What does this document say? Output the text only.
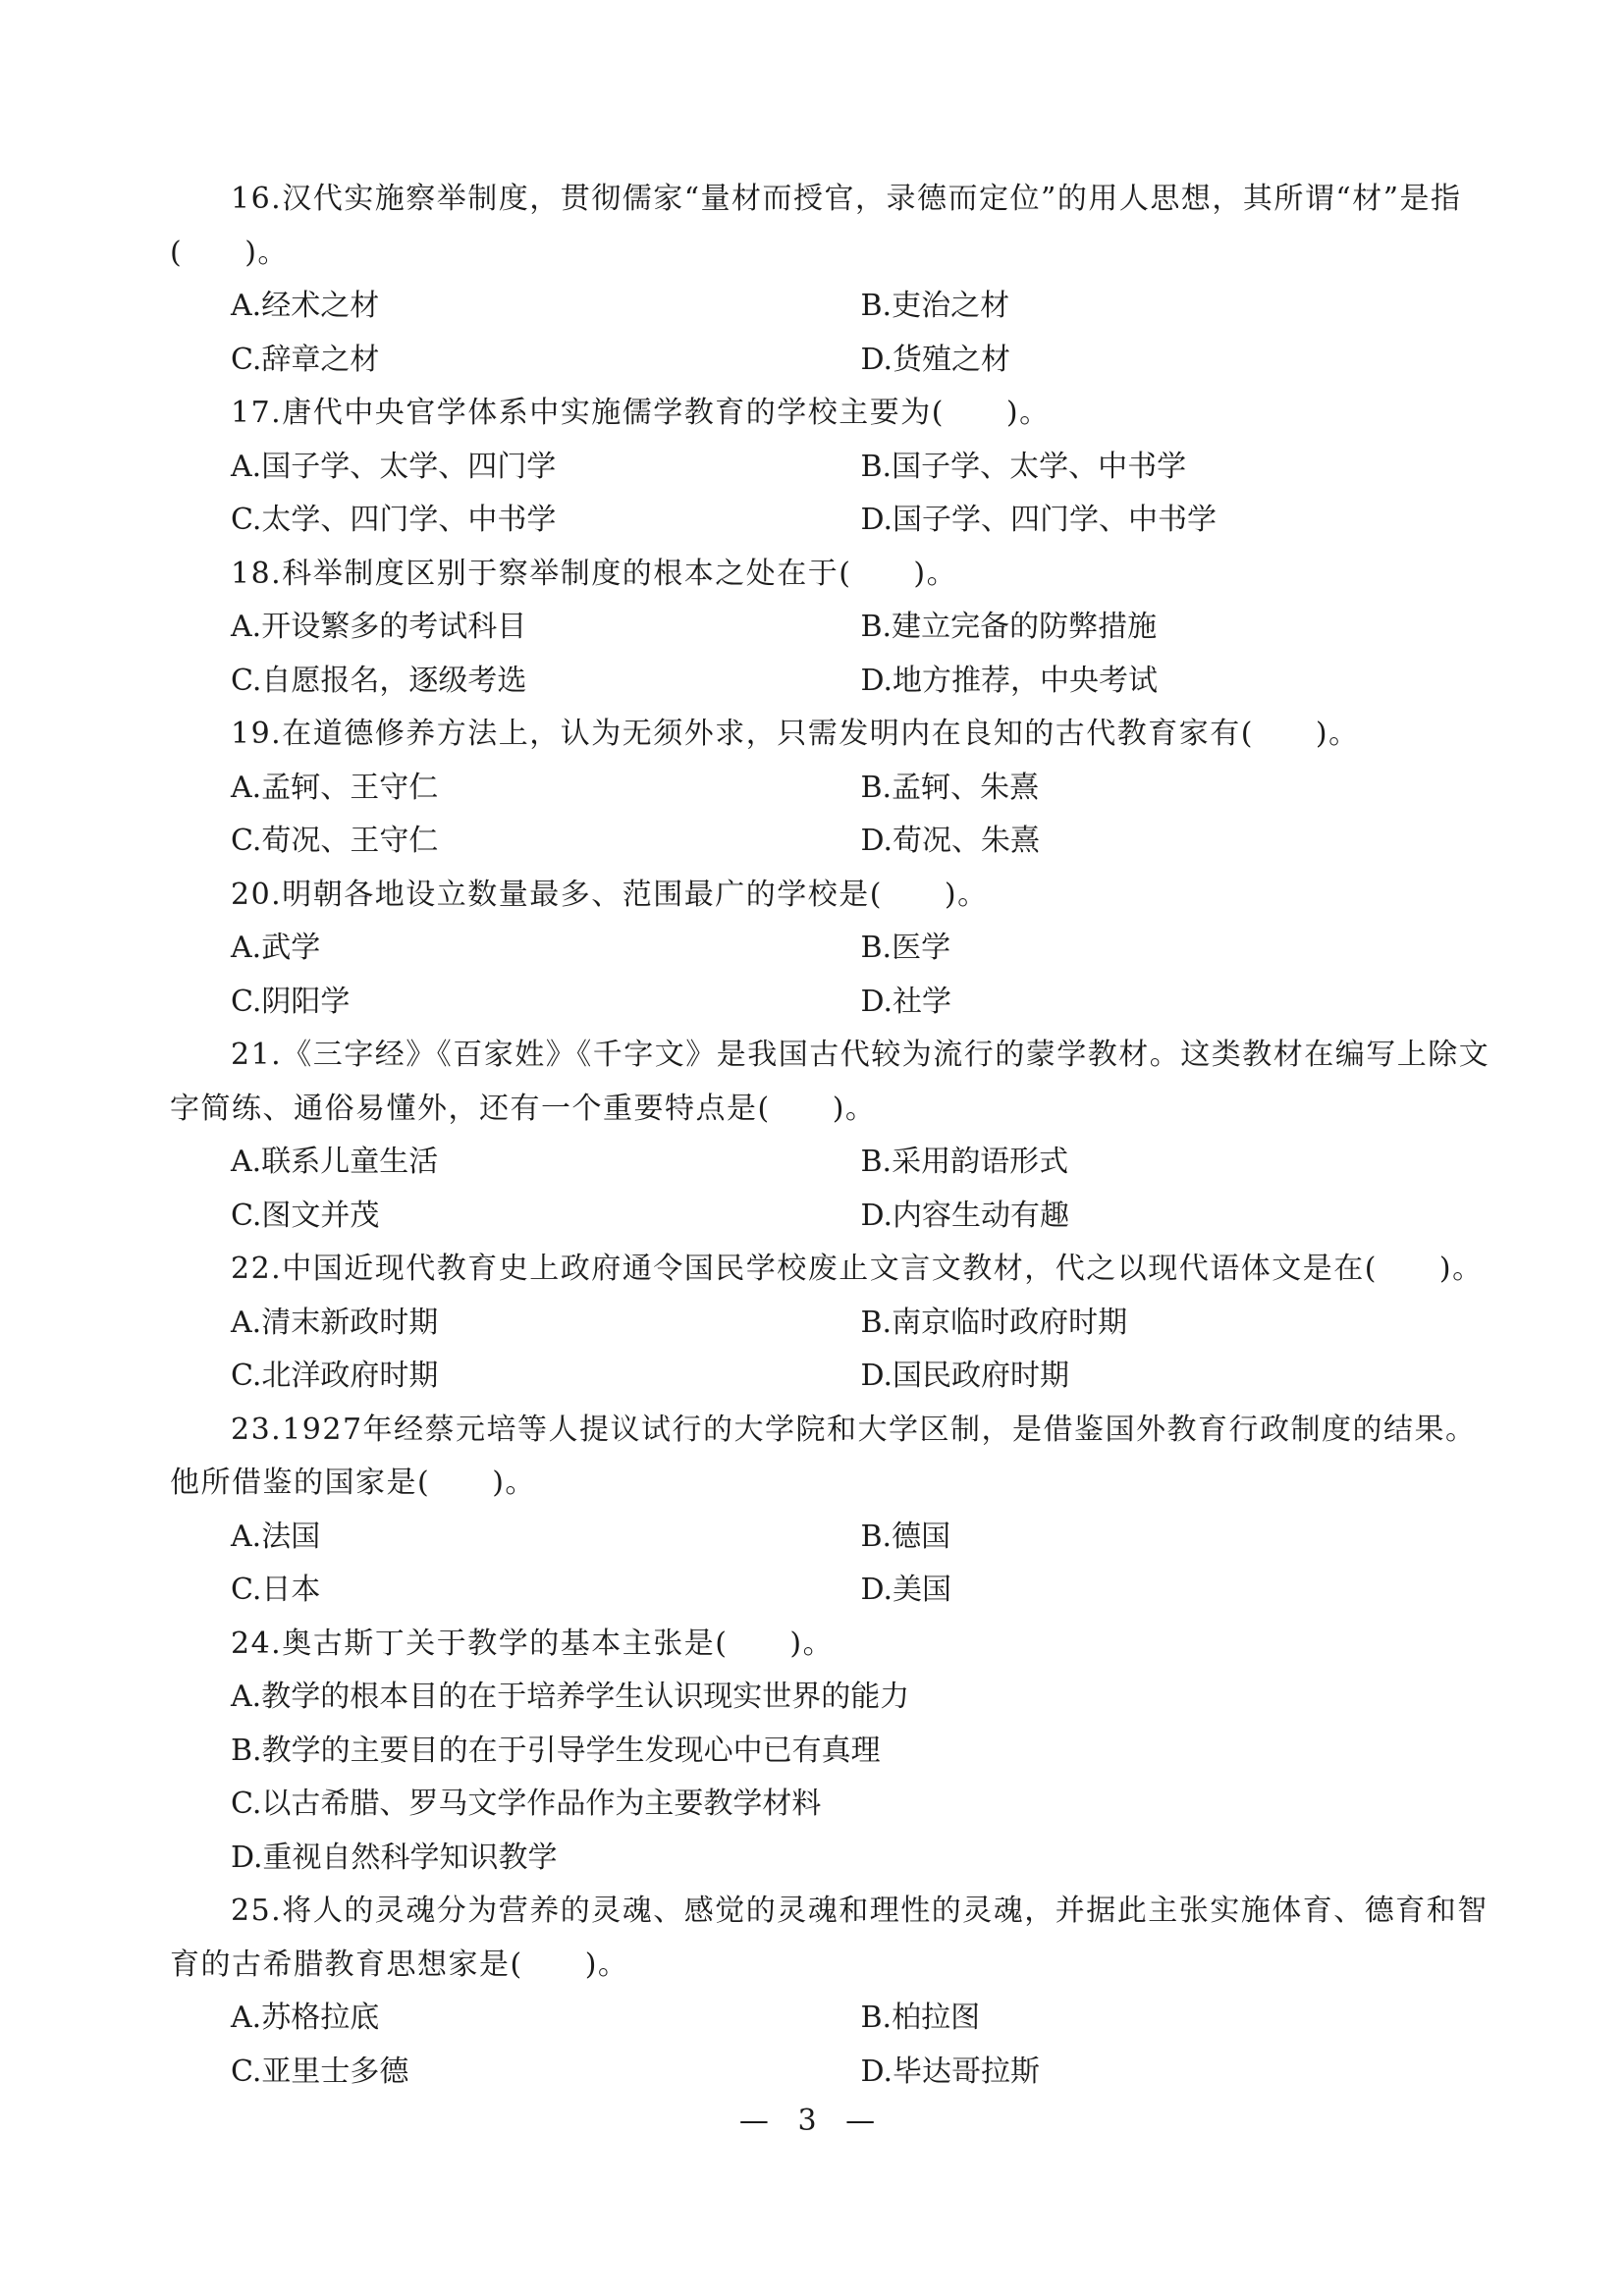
16.汉代实施察举制度，贯彻儒家“量材而授官，录德而定位”的用人思想，其所谓“材”是指(　　)。
A.经术之材	B.吏治之材
C.辞章之材	D.货殖之材
17.唐代中央官学体系中实施儒学教育的学校主要为(　　)。
A.国子学、太学、四门学	B.国子学、太学、中书学
C.太学、四门学、中书学	D.国子学、四门学、中书学
18.科举制度区别于察举制度的根本之处在于(　　)。
A.开设繁多的考试科目	B.建立完备的防弊措施
C.自愿报名，逐级考选	D.地方推荐，中央考试
19.在道德修养方法上，认为无须外求，只需发明内在良知的古代教育家有(　　)。
A.孟轲、王守仁	B.孟轲、朱熹
C.荀况、王守仁	D.荀况、朱熹
20.明朝各地设立数量最多、范围最广的学校是(　　)。
A.武学	B.医学
C.阴阳学	D.社学
21.《三字经》《百家姓》《千字文》是我国古代较为流行的蒙学教材。这类教材在编写上除文字简练、通俗易懂外，还有一个重要特点是(　　)。
A.联系儿童生活	B.采用韵语形式
C.图文并茂	D.内容生动有趣
22.中国近现代教育史上政府通令国民学校废止文言文教材，代之以现代语体文是在(　　)。
A.清末新政时期	B.南京临时政府时期
C.北洋政府时期	D.国民政府时期
23.1927年经蔡元培等人提议试行的大学院和大学区制，是借鉴国外教育行政制度的结果。他所借鉴的国家是(　　)。
A.法国	B.德国
C.日本	D.美国
24.奥古斯丁关于教学的基本主张是(　　)。
A.教学的根本目的在于培养学生认识现实世界的能力
B.教学的主要目的在于引导学生发现心中已有真理
C.以古希腊、罗马文学作品作为主要教学材料
D.重视自然科学知识教学
25.将人的灵魂分为营养的灵魂、感觉的灵魂和理性的灵魂，并据此主张实施体育、德育和智育的古希腊教育思想家是(　　)。
A.苏格拉底	B.柏拉图
C.亚里士多德	D.毕达哥拉斯
— 3 —
